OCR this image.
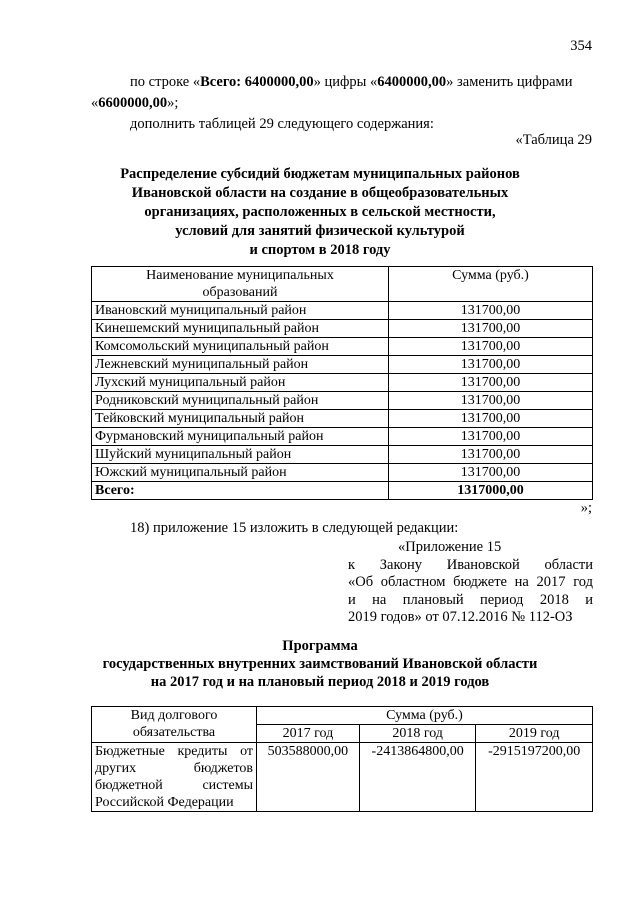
354
по строке «Всего: 6400000,00» цифры «6400000,00» заменить цифрами
«6600000,00»;
дополнить таблицей 29 следующего содержания:
«Таблица 29
Распределение субсидий бюджетам муниципальных районов
Ивановской области на создание в общеобразовательных
организациях, расположенных в сельской местности,
условий для занятий физической культурой
и спортом в 2018 году
Наименование муниципальных образований	Сумма (руб.)
Ивановский муниципальный район	131700,00
Кинешемский муниципальный район	131700,00
Комсомольский муниципальный район	131700,00
Лежневский муниципальный район	131700,00
Лухский муниципальный район	131700,00
Родниковский муниципальный район	131700,00
Тейковский муниципальный район	131700,00
Фурмановский муниципальный район	131700,00
Шуйский муниципальный район	131700,00
Южский муниципальный район	131700,00
Всего:	1317000,00
»;
18) приложение 15 изложить в следующей редакции:
«Приложение 15
к Закону Ивановской области
«Об областном бюджете на 2017 год
и на плановый период 2018 и
2019 годов» от 07.12.2016 № 112-ОЗ
Программа
государственных внутренних заимствований Ивановской области
на 2017 год и на плановый период 2018 и 2019 годов
Вид долгового обязательства	Сумма (руб.)		
	2017 год	2018 год	2019 год

Бюджетные кредиты от
других бюджетов
бюджетной системы
Российской Федерации	503588000,00	-2413864800,00	-2915197200,00
